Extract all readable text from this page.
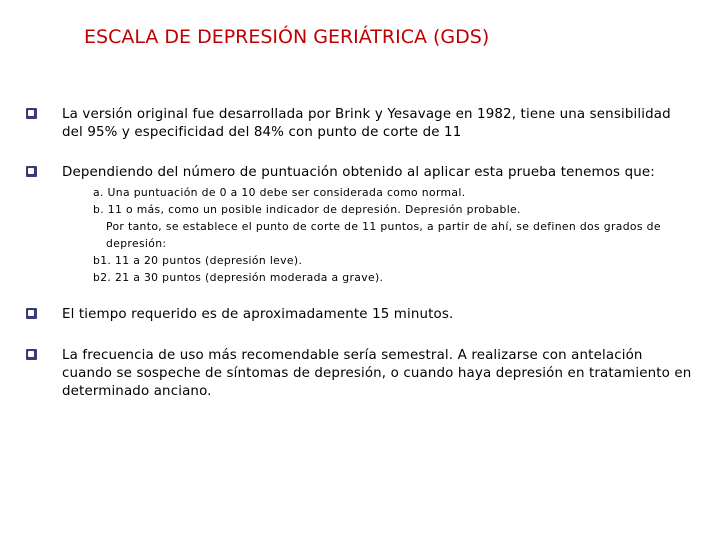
ESCALA DE DEPRESIÓN GERIÁTRICA (GDS)
La versión original fue desarrollada por Brink y Yesavage en 1982, tiene una sensibilidad del 95% y especificidad del 84% con punto de corte de 11
Dependiendo del número de puntuación obtenido al aplicar esta prueba tenemos que:
a. Una puntuación de 0 a 10 debe ser considerada como normal.
b. 11 o más, como un posible indicador de depresión. Depresión probable.
Por tanto, se establece el punto de corte de 11 puntos, a partir de ahí, se definen dos grados de depresión:
b1. 11 a 20 puntos (depresión leve).
b2. 21 a 30 puntos (depresión moderada a grave).
El tiempo requerido es de aproximadamente 15 minutos.
La frecuencia de uso más recomendable sería semestral. A realizarse con antelación cuando se sospeche de síntomas de depresión, o cuando haya depresión en tratamiento en determinado anciano.
